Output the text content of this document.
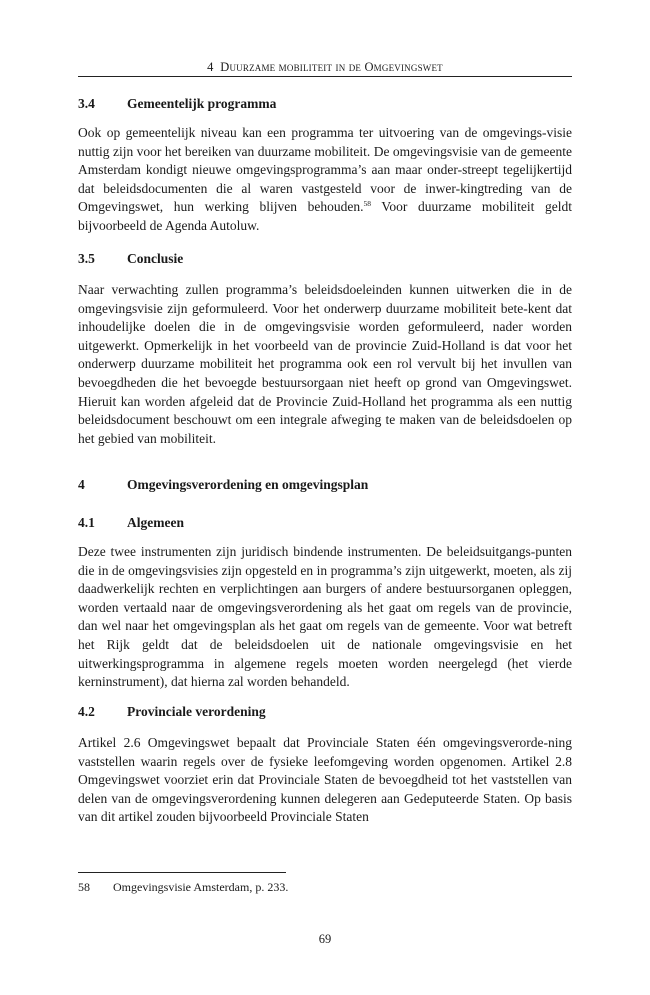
4 Duurzame mobiliteit in de Omgevingswet
3.4 Gemeentelijk programma

Ook op gemeentelijk niveau kan een programma ter uitvoering van de omgevings-visie nuttig zijn voor het bereiken van duurzame mobiliteit. De omgevingsvisie van de gemeente Amsterdam kondigt nieuwe omgevingsprogramma’s aan maar onder-streept tegelijkertijd dat beleidsdocumenten die al waren vastgesteld voor de inwer-kingtreding van de Omgevingswet, hun werking blijven behouden.$^{58}$ Voor duurzame mobiliteit geldt bijvoorbeeld de Agenda Autoluw.

3.5 Conclusie

Naar verwachting zullen programma’s beleidsdoeleinden kunnen uitwerken die in de omgevingsvisie zijn geformuleerd. Voor het onderwerp duurzame mobiliteit bete-kent dat inhoudelijke doelen die in de omgevingsvisie worden geformuleerd, nader worden uitgewerkt. Opmerkelijk in het voorbeeld van de provincie Zuid-Holland is dat voor het onderwerp duurzame mobiliteit het programma ook een rol vervult bij het invullen van bevoegdheden die het bevoegde bestuursorgaan niet heeft op grond van Omgevingswet. Hieruit kan worden afgeleid dat de Provincie Zuid-Holland het programma als een nuttig beleidsdocument beschouwt om een integrale afweging te maken van de beleidsdoelen op het gebied van mobiliteit.

4	Omgevingsverordening en omgevingsplan
4.1 Algemeen

Deze twee instrumenten zijn juridisch bindende instrumenten. De beleidsuitgangs-punten die in de omgevingsvisies zijn opgesteld en in programma’s zijn uitgewerkt, moeten, als zij daadwerkelijk rechten en verplichtingen aan burgers of andere bestuursorganen opleggen, worden vertaald naar de omgevingsverordening als het gaat om regels van de provincie, dan wel naar het omgevingsplan als het gaat om regels van de gemeente. Voor wat betreft het Rijk geldt dat de beleidsdoelen uit de nationale omgevingsvisie en het uitwerkingsprogramma in algemene regels moeten worden neergelegd (het vierde kerninstrument), dat hierna zal worden behandeld.

4.2 Provinciale verordening

Artikel 2.6 Omgevingswet bepaalt dat Provinciale Staten één omgevingsverorde-ning vaststellen waarin regels over de fysieke leefomgeving worden opgenomen. Artikel 2.8 Omgevingswet voorziet erin dat Provinciale Staten de bevoegdheid tot het vaststellen van delen van de omgevingsverordening kunnen delegeren aan Gedeputeerde Staten. Op basis van dit artikel zouden bijvoorbeeld Provinciale Staten

58 Omgevingsvisie Amsterdam, p. 233.
69
